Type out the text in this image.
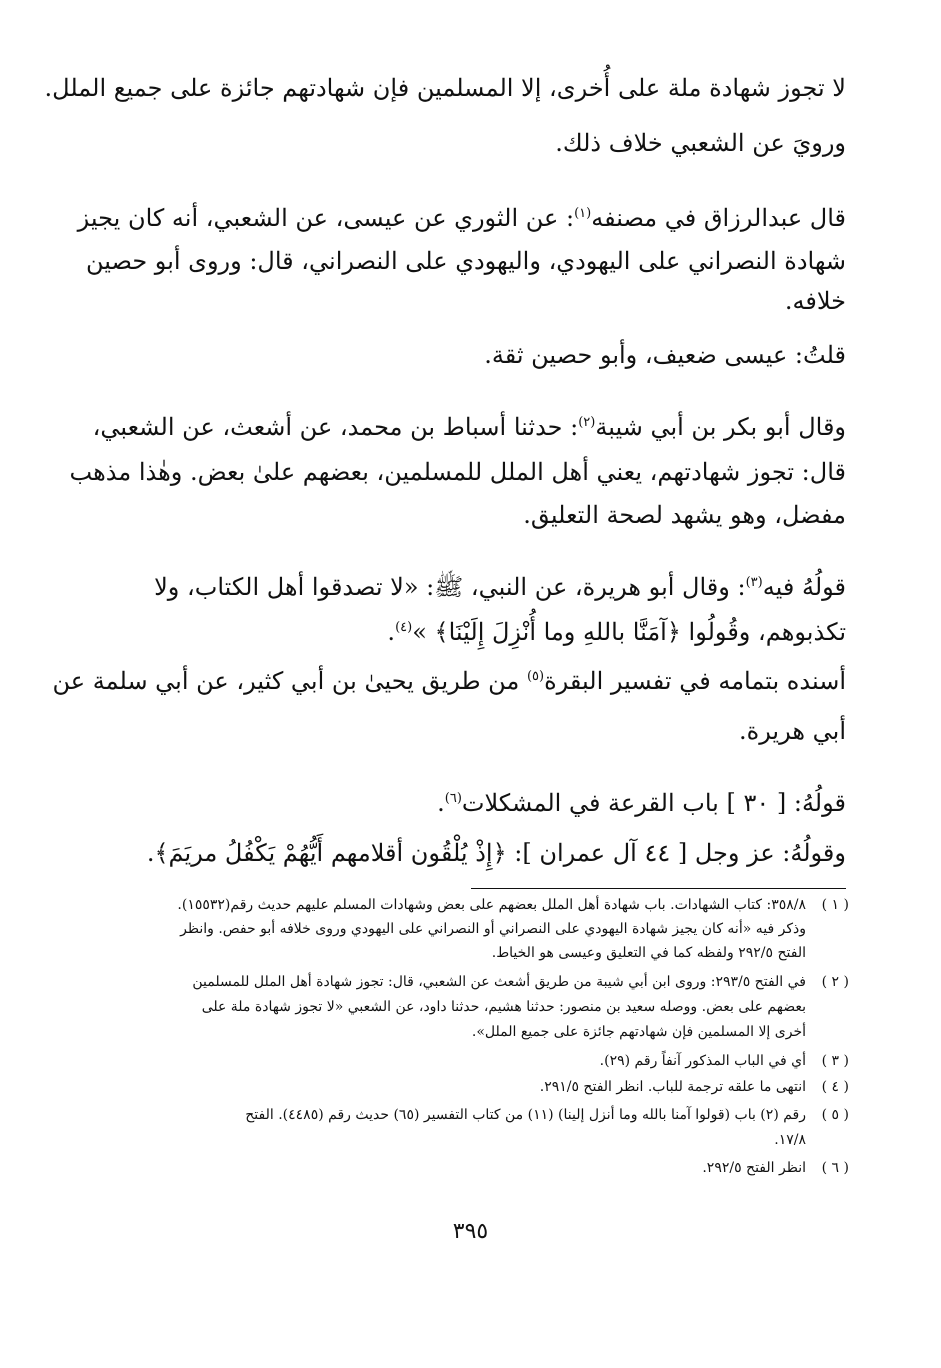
لا تجوز شهادة ملة على أُخرى، إلا المسلمين فإن شهادتهم جائزة على جميع الملل.
ورويَ عن الشعبي خلاف ذلك.
قال عبدالرزاق في مصنفه$^{(١)}$: عن الثوري عن عيسى، عن الشعبي، أنه كان يجيز
شهادة النصراني على اليهودي، واليهودي على النصراني، قال: وروى أبو حصين
خلافه.
قلتُ: عيسى ضعيف، وأبو حصين ثقة.
وقال أبو بكر بن أبي شيبة$^{(٢)}$: حدثنا أسباط بن محمد، عن أشعث، عن الشعبي،
قال: تجوز شهادتهم، يعني أهل الملل للمسلمين، بعضهم علىٰ بعض. وهٰذا مذهب
مفضل، وهو يشهد لصحة التعليق.
قولُهُ فيه$^{(٣)}$: وقال أبو هريرة، عن النبي، ﷺ: «لا تصدقوا أهل الكتاب، ولا
تكذبوهم، وقُولُوا ﴿آمَنَّا باللهِ وما أُنْزِلَ إِلَيْنَا﴾ »$^{(٤)}$.
أسنده بتمامه في تفسير البقرة$^{(٥)}$ من طريق يحيىٰ بن أبي كثير، عن أبي سلمة عن
أبي هريرة.
قولُهُ: [ ٣٠ ] باب القرعة في المشكلات$^{(٦)}$.
وقولُهُ: عز وجل [ ٤٤ آل عمران ]: ﴿إِذْ يُلْقُون أقلامهم أَيُّهُمْ يَكْفُلُ مريَمَ﴾.
( ١ )
٣٥٨/٨: كتاب الشهادات. باب شهادة أهل الملل بعضهم على بعض وشهادات المسلم عليهم حديث رقم(١٥٥٣٢).
وذكر فيه «أنه كان يجيز شهادة اليهودي على النصراني أو النصراني على اليهودي وروى خلافه أبو حفص. وانظر
الفتح ٢٩٢/٥ ولفظه كما في التعليق وعيسى هو الخياط.
( ٢ )
في الفتح ٢٩٣/٥: وروى ابن أبي شيبة من طريق أشعث عن الشعبي، قال: تجوز شهادة أهل الملل للمسلمين
بعضهم على بعض. ووصله سعيد بن منصور: حدثنا هشيم، حدثنا داود، عن الشعبي «لا تجوز شهادة ملة على
أخرى إلا المسلمين فإن شهادتهم جائزة على جميع الملل».
( ٣ )
أي في الباب المذكور آنفاً رقم (٢٩).
( ٤ )
انتهى ما علقه ترجمة للباب. انظر الفتح ٢٩١/٥.
( ٥ )
رقم (٢) باب (قولوا آمنا بالله وما أنزل إلينا) (١١) من كتاب التفسير (٦٥) حديث رقم (٤٤٨٥). الفتح
١٧/٨.
( ٦ )
انظر الفتح ٢٩٢/٥.
٣٩٥
